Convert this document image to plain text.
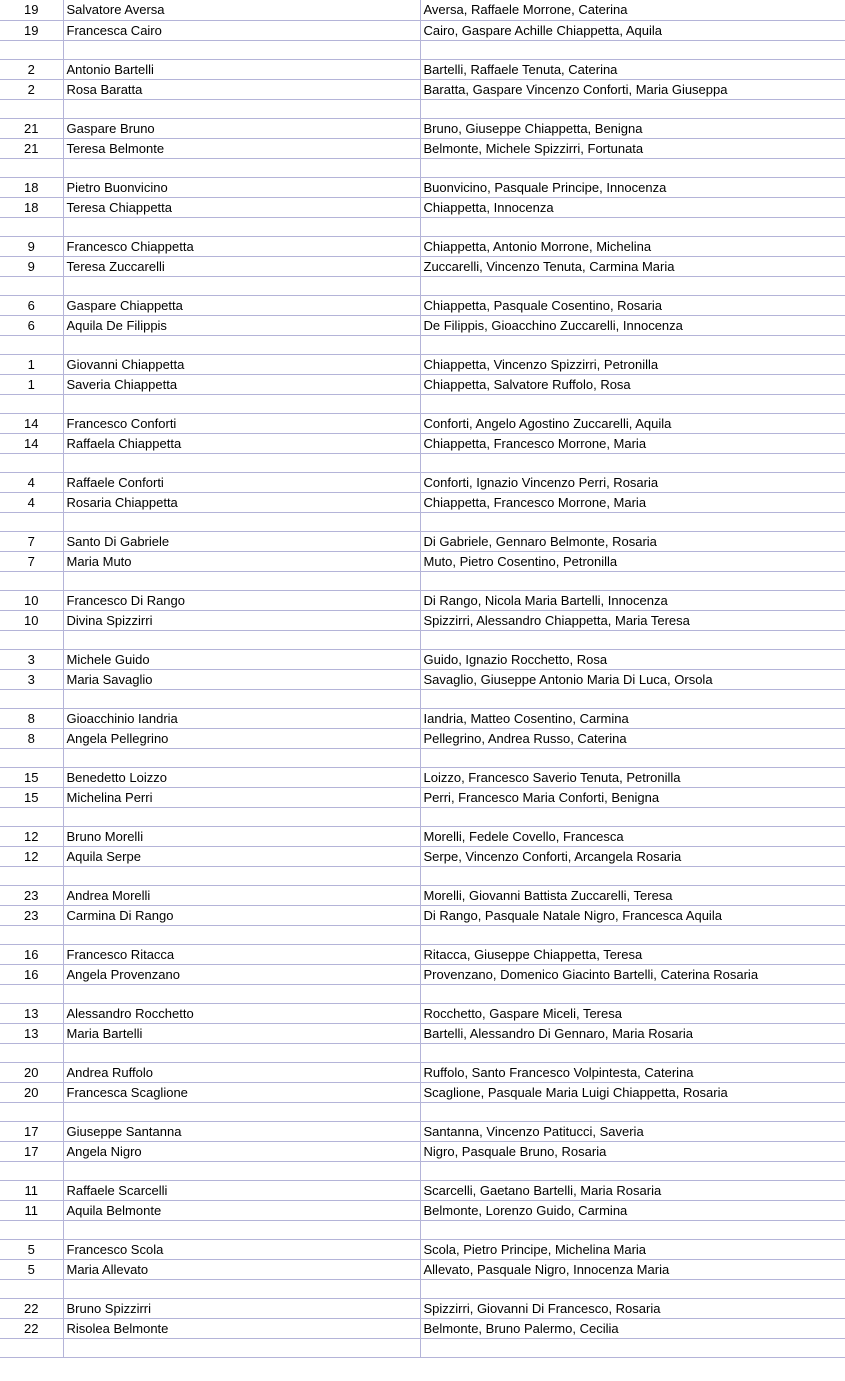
19	Salvatore Aversa	Aversa, Raffaele Morrone, Caterina
19	Francesca Cairo	Cairo, Gaspare Achille Chiappetta, Aquila

2	Antonio Bartelli	Bartelli, Raffaele Tenuta, Caterina
2	Rosa Baratta	Baratta, Gaspare Vincenzo Conforti, Maria Giuseppa

21	Gaspare Bruno	Bruno, Giuseppe Chiappetta, Benigna
21	Teresa Belmonte	Belmonte, Michele Spizzirri, Fortunata

18	Pietro Buonvicino	Buonvicino, Pasquale Principe, Innocenza
18	Teresa Chiappetta	Chiappetta, Innocenza

9	Francesco Chiappetta	Chiappetta, Antonio Morrone, Michelina
9	Teresa Zuccarelli	Zuccarelli, Vincenzo Tenuta, Carmina Maria

6	Gaspare Chiappetta	Chiappetta, Pasquale Cosentino, Rosaria
6	Aquila De Filippis	De Filippis, Gioacchino Zuccarelli, Innocenza

1	Giovanni Chiappetta	Chiappetta, Vincenzo Spizzirri, Petronilla
1	Saveria Chiappetta	Chiappetta, Salvatore Ruffolo, Rosa

14	Francesco Conforti	Conforti, Angelo Agostino Zuccarelli, Aquila
14	Raffaela Chiappetta	Chiappetta, Francesco Morrone, Maria

4	Raffaele Conforti	Conforti, Ignazio Vincenzo Perri, Rosaria
4	Rosaria Chiappetta	Chiappetta, Francesco Morrone, Maria

7	Santo Di Gabriele	Di Gabriele, Gennaro Belmonte, Rosaria
7	Maria Muto	Muto, Pietro Cosentino, Petronilla

10	Francesco Di Rango	Di Rango, Nicola Maria Bartelli, Innocenza
10	Divina Spizzirri	Spizzirri, Alessandro Chiappetta, Maria Teresa

3	Michele Guido	Guido, Ignazio Rocchetto, Rosa
3	Maria Savaglio	Savaglio, Giuseppe Antonio Maria Di Luca, Orsola

8	Gioacchinio Iandria	Iandria, Matteo Cosentino, Carmina
8	Angela Pellegrino	Pellegrino, Andrea Russo, Caterina

15	Benedetto Loizzo	Loizzo, Francesco Saverio Tenuta, Petronilla
15	Michelina Perri	Perri, Francesco Maria Conforti, Benigna

12	Bruno Morelli	Morelli, Fedele Covello, Francesca
12	Aquila Serpe	Serpe, Vincenzo Conforti, Arcangela Rosaria

23	Andrea Morelli	Morelli, Giovanni Battista Zuccarelli, Teresa
23	Carmina Di Rango	Di Rango, Pasquale Natale Nigro, Francesca Aquila

16	Francesco Ritacca	Ritacca, Giuseppe Chiappetta, Teresa
16	Angela Provenzano	Provenzano, Domenico Giacinto Bartelli, Caterina Rosaria

13	Alessandro Rocchetto	Rocchetto, Gaspare Miceli, Teresa
13	Maria Bartelli	Bartelli, Alessandro Di Gennaro, Maria Rosaria

20	Andrea Ruffolo	Ruffolo, Santo Francesco Volpintesta, Caterina
20	Francesca Scaglione	Scaglione, Pasquale Maria Luigi Chiappetta, Rosaria

17	Giuseppe Santanna	Santanna, Vincenzo Patitucci, Saveria
17	Angela Nigro	Nigro, Pasquale Bruno, Rosaria

11	Raffaele Scarcelli	Scarcelli, Gaetano Bartelli, Maria Rosaria
11	Aquila Belmonte	Belmonte, Lorenzo Guido, Carmina

5	Francesco Scola	Scola, Pietro Principe, Michelina Maria
5	Maria Allevato	Allevato, Pasquale Nigro, Innocenza Maria

22	Bruno Spizzirri	Spizzirri, Giovanni Di Francesco, Rosaria
22	Risolea Belmonte	Belmonte, Bruno Palermo, Cecilia
